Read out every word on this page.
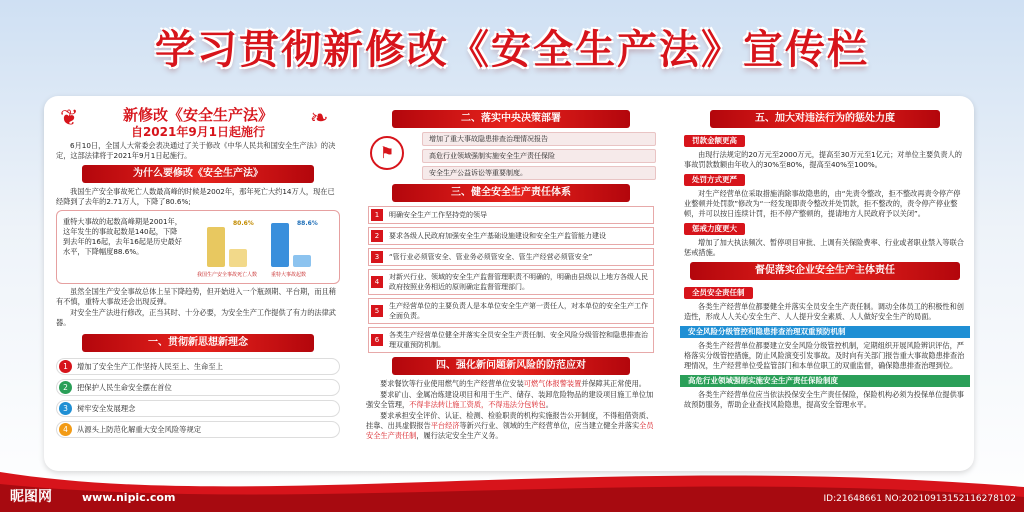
学习贯彻新修改《安全生产法》宣传栏
❦	❧
新修改《安全生产法》
自2021年9月1日起施行

6月10日，全国人大常委会表决通过了关于修改《中华人民共和国安全生产法》的决定，这部法律将于2021年9月1日起施行。

为什么要修改《安全生产法》

我国生产安全事故死亡人数最高峰的时候是2002年，那年死亡大约14万人，现在已经降到了去年的2.71万人，下降了80.6%;

重特大事故的起数高峰期是2001年，这年发生的事故起数是140起，下降到去年的16起，去年16起是历史最好水平，下降幅度88.6%。
80.6%	88.6%
我国生产安全事故死亡人数	重特大事故起数

虽然全国生产安全事故总体上呈下降趋势，但开始进入一个瓶颈期、平台期，而且稍有不慎，重特大事故还会出现反弹。

对安全生产法进行修改，正当其时、十分必要，为安全生产工作提供了有力的法律武器。

一、贯彻新思想新理念
1	增加了安全生产工作坚持人民至上、生命至上
2	把保护人民生命安全摆在首位
3	树牢安全发展理念
4	从源头上防范化解重大安全风险等规定
二、落实中央决策部署
⚑
增加了重大事故隐患排查治理情况报告
高危行业领域强制实施安全生产责任保险
安全生产公益诉讼等重要制度。
三、健全安全生产责任体系
1	明确安全生产工作坚持党的领导
2	要求各级人民政府加强安全生产基础设施建设和安全生产监管能力建设
3	“管行业必须管安全、管业务必须管安全、管生产经营必须管安全”
4
对新兴行业、领域的安全生产监督管理职责不明确的，明确由县级以上地方各级人民政府按照业务相近的原则确定监督管理部门。
5
生产经营单位的主要负责人是本单位安全生产第一责任人，对本单位的安全生产工作全面负责。
6
各类生产经营单位健全并落实全员安全生产责任制、安全风险分级管控和隐患排查治理双重预防机制。
四、强化新问题新风险的防范应对

要求餐饮等行业使用燃气的生产经营单位安装可燃气体报警装置并保障其正常使用。

要求矿山、金属冶炼建设项目和用于生产、储存、装卸危险物品的建设项目施工单位加强安全管理，不得非法转让施工资质，不得违法分包转包。

要求承担安全评价、认证、检测、检验职责的机构实施报告公开制度，不得租借资质、挂靠、出具虚假报告平台经济等新兴行业、领域的生产经营单位，应当建立健全并落实全员安全生产责任制，履行法定安全生产义务。

五、加大对违法行为的惩处力度
罚款金额更高

由现行法规定的20万元至2000万元，提高至30万元至1亿元；对单位主要负责人的事故罚款数额由年收入的30%至80%，提高至40%至100%。

处罚方式更严

对生产经营单位采取措施消除事故隐患的，由“先责令整改，拒不整改再责令停产停业整顿并处罚款”修改为“一经发现即责令整改并处罚款，拒不整改的，责令停产停业整顿，并可以按日连续计罚，拒不停产整顿的，提请地方人民政府予以关闭”。

惩戒力度更大

增加了加大执法频次、暂停项目审批、上调有关保险费率、行业或者职业禁入等联合惩戒措施。

督促落实企业安全生产主体责任
全员安全责任制

各类生产经营单位都要健全并落实全员安全生产责任制。调动全体员工的积极性和创造性，形成人人关心安全生产、人人提升安全素质、人人做好安全生产的局面。

安全风险分级管控和隐患排查治理双重预防机制

各类生产经营单位都要建立安全风险分级管控机制，定期组织开展风险辨识评估，严格落实分级管控措施，防止风险演变引发事故。及时向有关部门报告重大事故隐患排查治理情况，生产经营单位受监管部门和本单位职工的双重监督，确保隐患排查治理到位。

高危行业领域强制实施安全生产责任保险制度

各类生产经营单位应当依法投保安全生产责任保险，保险机构必须为投保单位提供事故预防服务，帮助企业查找风险隐患，提高安全管理水平。

昵图网	www.nipic.com	ID:21648661 NO:20210913152116278102
